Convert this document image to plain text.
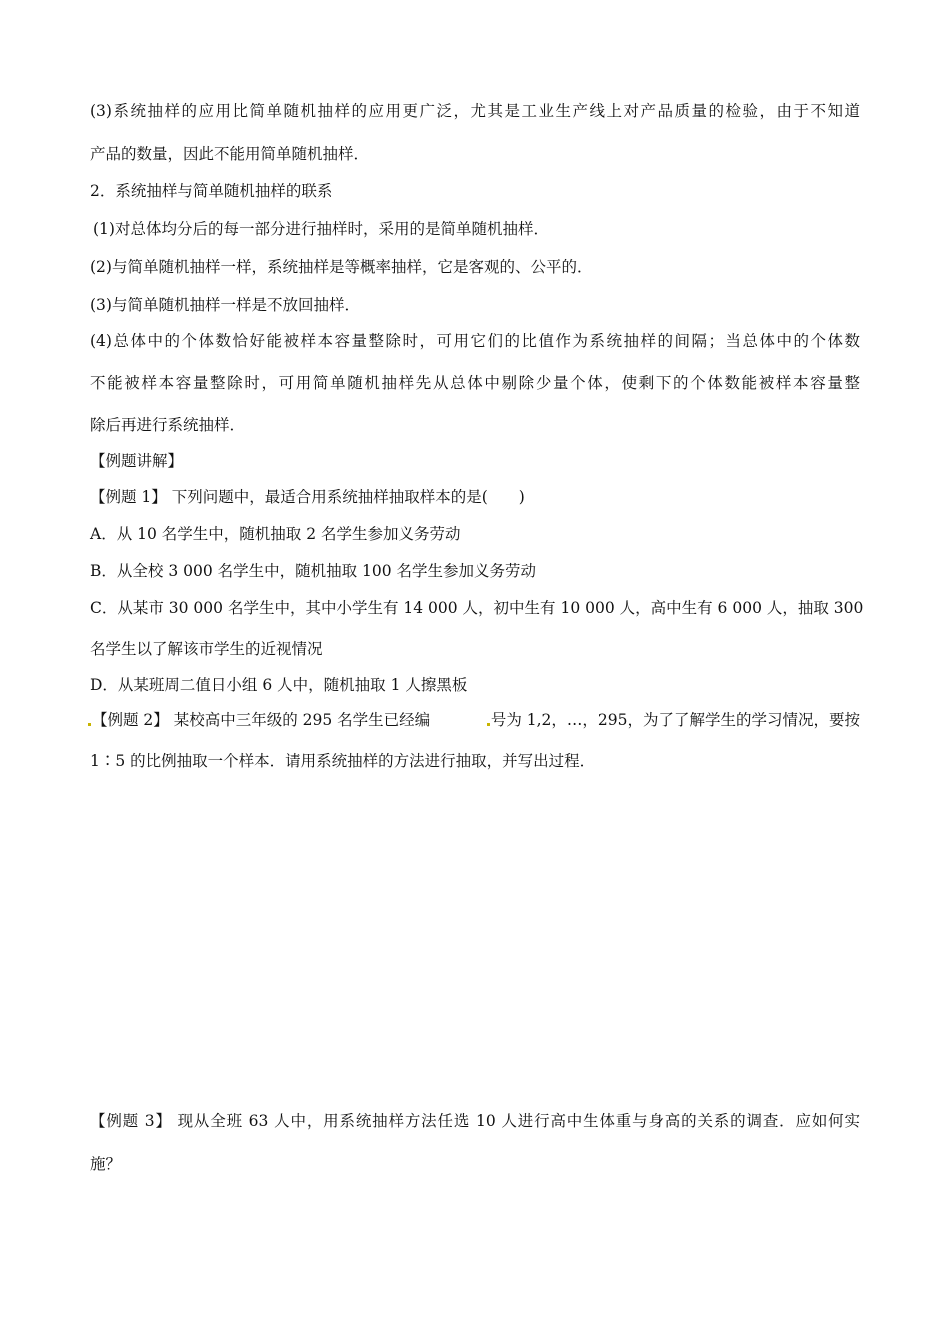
(3)系统抽样的应用比简单随机抽样的应用更广泛，尤其是工业生产线上对产品质量的检验，由于不知道
产品的数量，因此不能用简单随机抽样．
2．系统抽样与简单随机抽样的联系
(1)对总体均分后的每一部分进行抽样时，采用的是简单随机抽样．
(2)与简单随机抽样一样，系统抽样是等概率抽样，它是客观的、公平的．
(3)与简单随机抽样一样是不放回抽样．
(4)总体中的个体数恰好能被样本容量整除时，可用它们的比值作为系统抽样的间隔；当总体中的个体数
不能被样本容量整除时，可用简单随机抽样先从总体中剔除少量个体，使剩下的个体数能被样本容量整
除后再进行系统抽样．
【例题讲解】
【例题 1】 下列问题中，最适合用系统抽样抽取样本的是(　　)
A．从 10 名学生中，随机抽取 2 名学生参加义务劳动
B．从全校 3 000 名学生中，随机抽取 100 名学生参加义务劳动
C．从某市 30 000 名学生中，其中小学生有 14 000 人，初中生有 10 000 人，高中生有 6 000 人，抽取 300
名学生以了解该市学生的近视情况
D．从某班周二值日小组 6 人中，随机抽取 1 人擦黑板
【例题 2】 某校高中三年级的 295 名学生已经编	号为 1,2，…，295，为了了解学生的学习情况，要按
1∶5 的比例抽取一个样本．请用系统抽样的方法进行抽取，并写出过程．
【例题 3】 现从全班 63 人中，用系统抽样方法任选 10 人进行高中生体重与身高的关系的调查．应如何实
施？
